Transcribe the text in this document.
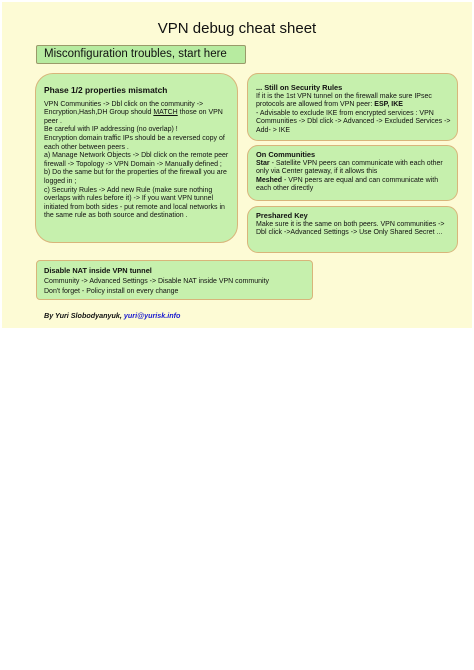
VPN debug cheat sheet
Misconfiguration troubles, start here
Phase 1/2 properties mismatch
VPN Communities -> Dbl click on the community -> Encryption,Hash,DH Group should MATCH those on VPN peer .
Be careful with IP addressing (no overlap) !
Encryption domain traffic IPs should be a reversed copy of each other between peers .
a) Manage Network Objects -> Dbl click on the remote peer firewall -> Topology -> VPN Domain -> Manually defined ;
b) Do the same but for the properties of the firewall you are logged in ;
c) Security Rules -> Add new Rule (make sure nothing overlaps with rules before it) -> If you want VPN tunnel initiated from both sides - put remote and local networks in the same rule as both source and destination .
... Still on Security Rules
If it is the 1st VPN tunnel on the firewall make sure IPsec protocols are allowed from VPN peer: ESP, IKE
- Advisable to exclude IKE from encrypted services : VPN Communities -> Dbl click -> Advanced -> Excluded Services -> Add- > IKE
On Communities
Star - Satellite VPN peers can communicate with each other only via Center gateway, if it allows this
Meshed - VPN peers are equal and can communicate with each other directly
Preshared Key
Make sure it is the same on both peers. VPN communities -> Dbl click ->Advanced Settings -> Use Only Shared Secret ...
Disable NAT inside VPN tunnel
Community -> Advanced Settings -> Disable NAT inside VPN community
Don't forget - Policy install on every change
By Yuri Slobodyanyuk, yuri@yurisk.info
